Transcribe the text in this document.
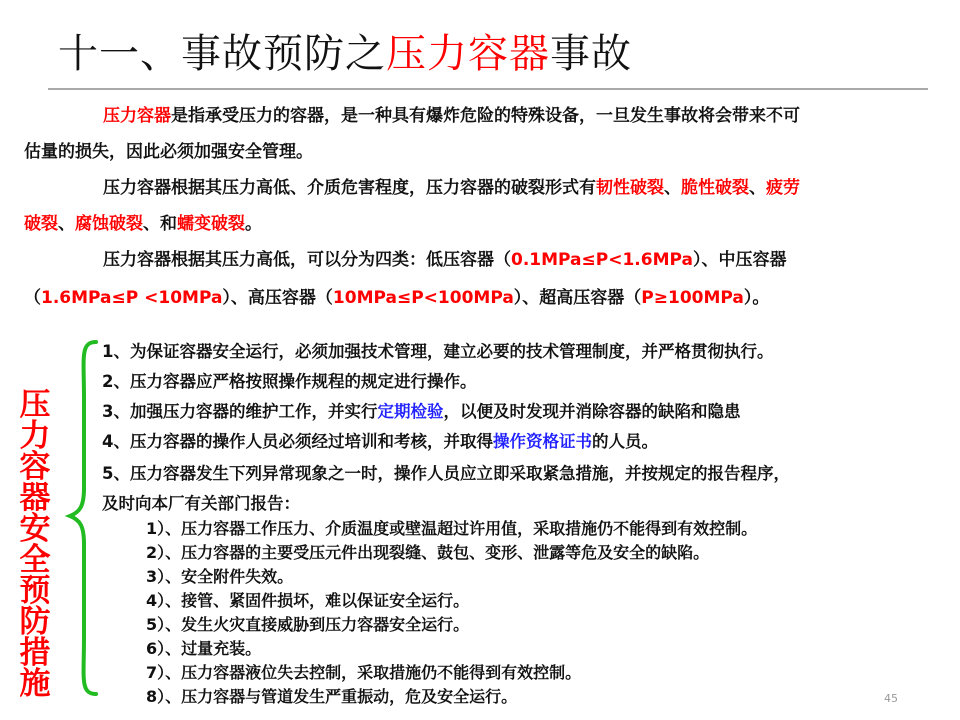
十一、事故预防之压力容器事故
压力容器是指承受压力的容器，是一种具有爆炸危险的特殊设备，一旦发生事故将会带来不可
估量的损失，因此必须加强安全管理。
压力容器根据其压力高低、介质危害程度，压力容器的破裂形式有韧性破裂、脆性破裂、疲劳
破裂、腐蚀破裂、和蠕变破裂。
压力容器根据其压力高低，可以分为四类：低压容器（0.1MPa≤P<1.6MPa）、中压容器
（1.6MPa≤P <10MPa）、高压容器（10MPa≤P<100MPa）、超高压容器（P≥100MPa）。
压
力
容
器
安
全
预
防
措
施
1、为保证容器安全运行，必须加强技术管理，建立必要的技术管理制度，并严格贯彻执行。
2、压力容器应严格按照操作规程的规定进行操作。
3、加强压力容器的维护工作，并实行定期检验，以便及时发现并消除容器的缺陷和隐患
4、压力容器的操作人员必须经过培训和考核，并取得操作资格证书的人员。
5、压力容器发生下列异常现象之一时，操作人员应立即采取紧急措施，并按规定的报告程序，
及时向本厂有关部门报告：
1）、压力容器工作压力、介质温度或壁温超过许用值，采取措施仍不能得到有效控制。
2）、压力容器的主要受压元件出现裂缝、鼓包、变形、泄露等危及安全的缺陷。
3）、安全附件失效。
4）、接管、紧固件损坏，难以保证安全运行。
5）、发生火灾直接威胁到压力容器安全运行。
6）、过量充装。
7）、压力容器液位失去控制，采取措施仍不能得到有效控制。
8）、压力容器与管道发生严重振动，危及安全运行。	45
